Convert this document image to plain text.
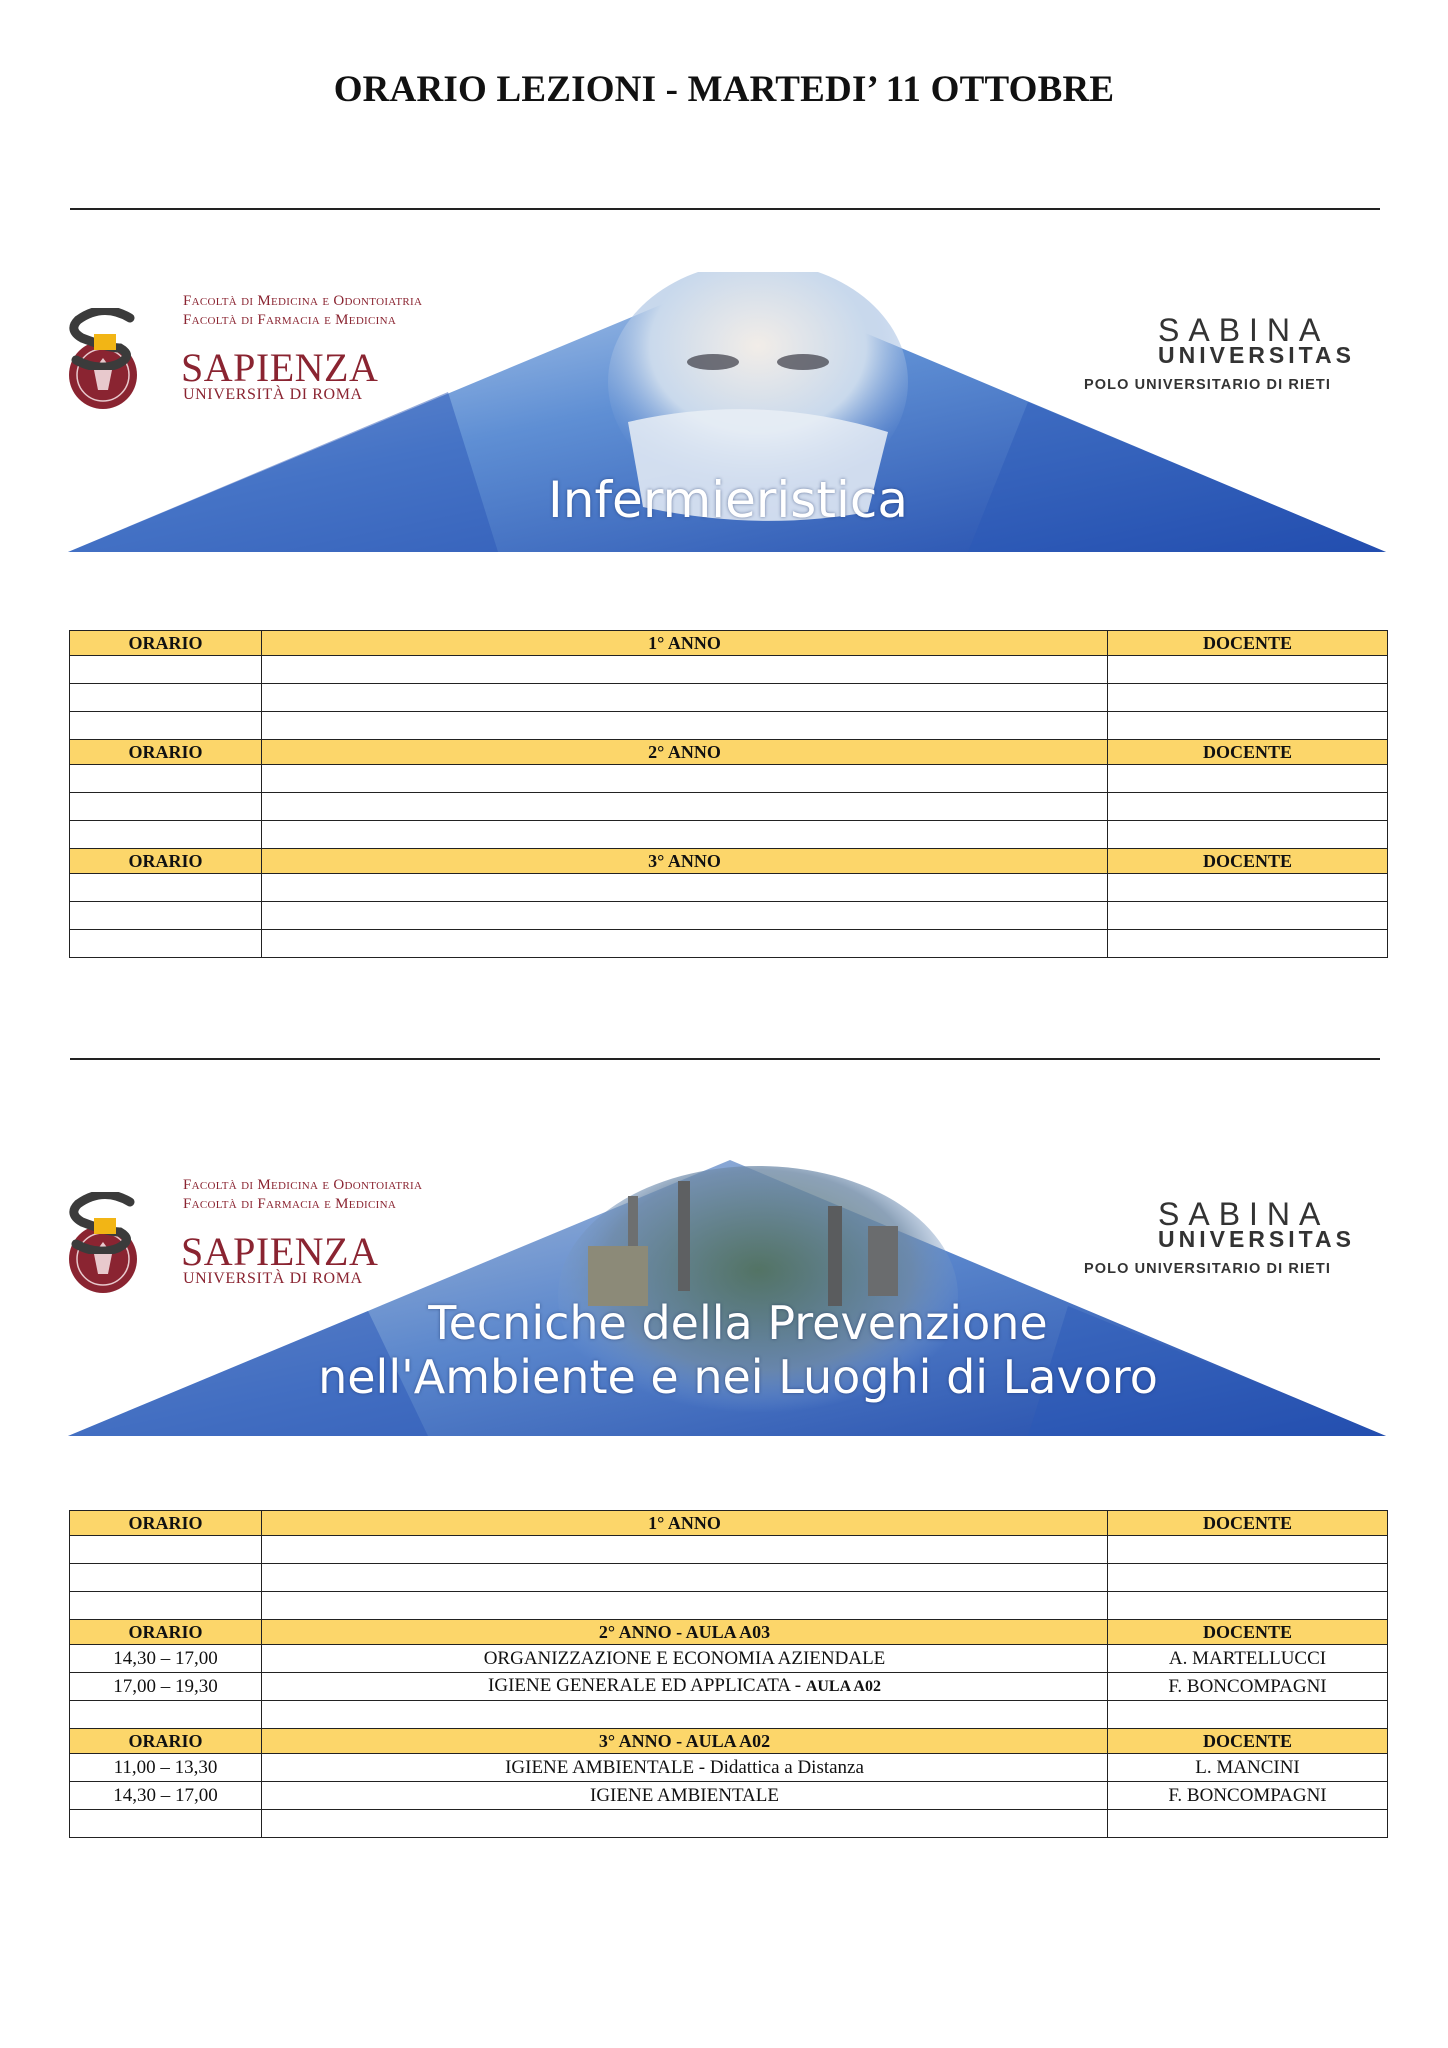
ORARIO LEZIONI - MARTEDI’ 11 OTTOBRE
Facoltà di Medicina e Odontoiatria
Facoltà di Farmacia e Medicina
SAPIENZA
UNIVERSITÀ DI ROMA
SABINA
UNIVERSITAS
POLO UNIVERSITARIO DI RIETI
Infermieristica
ORARIO	1° ANNO	DOCENTE

ORARIO	2° ANNO	DOCENTE

ORARIO	3° ANNO	DOCENTE

Facoltà di Medicina e Odontoiatria
Facoltà di Farmacia e Medicina
SAPIENZA
UNIVERSITÀ DI ROMA
SABINA
UNIVERSITAS
POLO UNIVERSITARIO DI RIETI
Tecniche della Prevenzione
nell'Ambiente e nei Luoghi di Lavoro
ORARIO	1° ANNO	DOCENTE

ORARIO	2° ANNO - AULA A03	DOCENTE
14,30 – 17,00	ORGANIZZAZIONE E ECONOMIA AZIENDALE	A. MARTELLUCCI
17,00 – 19,30	IGIENE GENERALE ED APPLICATA - AULA A02	F. BONCOMPAGNI

ORARIO	3° ANNO - AULA A02	DOCENTE
11,00 – 13,30	IGIENE AMBIENTALE - Didattica a Distanza	L. MANCINI
14,30 – 17,00	IGIENE AMBIENTALE	F. BONCOMPAGNI
